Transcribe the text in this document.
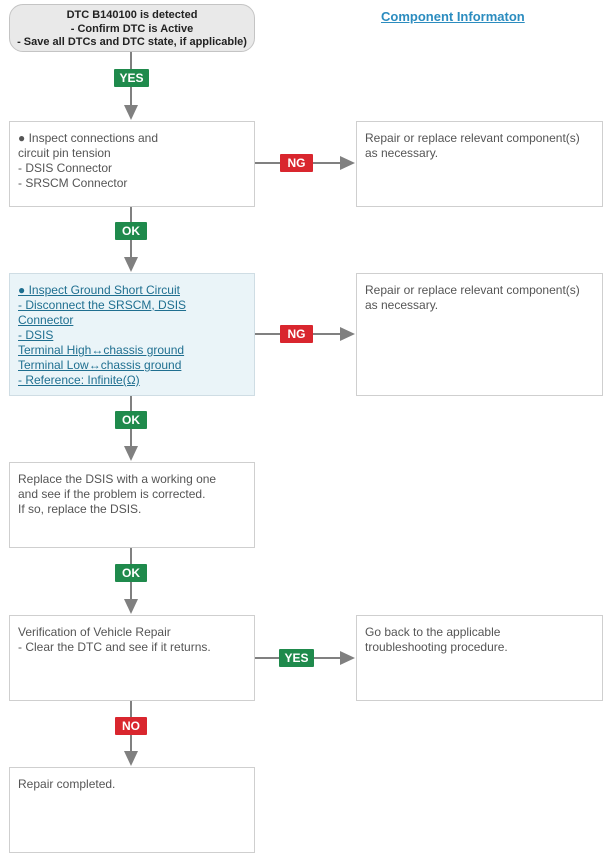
Component Informaton
DTC B140100 is detected
- Confirm DTC is Active
- Save all DTCs and DTC state, if applicable)
● Inspect connections and
circuit pin tension
- DSIS Connector
- SRSCM Connector
● Inspect Ground Short Circuit
- Disconnect the SRSCM, DSIS
Connector
- DSIS
Terminal High↔chassis ground
Terminal Low↔chassis ground
- Reference: Infinite(Ω)
Replace the DSIS with a working one
and see if the problem is corrected.
If so, replace the DSIS.
Verification of Vehicle Repair
- Clear the DTC and see if it returns.
Repair completed.
Repair or replace relevant component(s)
as necessary.
Repair or replace relevant component(s)
as necessary.
Go back to the applicable
troubleshooting procedure.
YES
NG
OK
NG
OK
OK
YES
NO
